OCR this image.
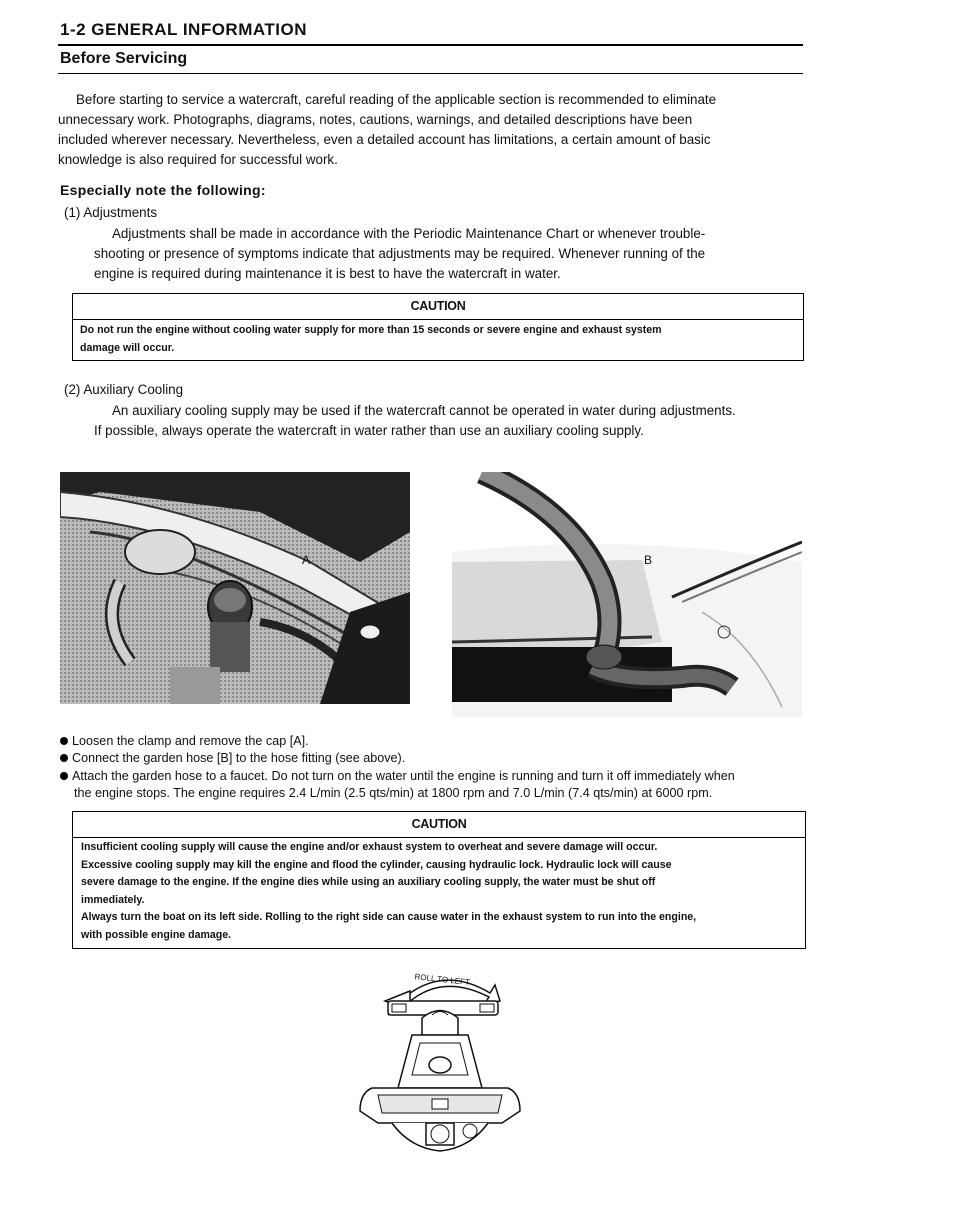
1-2 GENERAL INFORMATION
Before Servicing
Before starting to service a watercraft, careful reading of the applicable section is recommended to eliminate
unnecessary work. Photographs, diagrams, notes, cautions, warnings, and detailed descriptions have been
included wherever necessary. Nevertheless, even a detailed account has limitations, a certain amount of basic
knowledge is also required for successful work.
Especially note the following:
(1) Adjustments
Adjustments shall be made in accordance with the Periodic Maintenance Chart or whenever trouble-
shooting or presence of symptoms indicate that adjustments may be required. Whenever running of the
engine is required during maintenance it is best to have the watercraft in water.
CAUTION
Do not run the engine without cooling water supply for more than 15 seconds or severe engine and exhaust system
damage will occur.
(2) Auxiliary Cooling
An auxiliary cooling supply may be used if the watercraft cannot be operated in water during adjustments.
If possible, always operate the watercraft in water rather than use an auxiliary cooling supply.
A	B
Loosen the clamp and remove the cap [A].
Connect the garden hose [B] to the hose fitting (see above).
Attach the garden hose to a faucet. Do not turn on the water until the engine is running and turn it off immediately when
the engine stops. The engine requires 2.4 L/min (2.5 qts/min) at 1800 rpm and 7.0 L/min (7.4 qts/min) at 6000 rpm.
CAUTION
Insufficient cooling supply will cause the engine and/or exhaust system to overheat and severe damage will occur.
Excessive cooling supply may kill the engine and flood the cylinder, causing hydraulic lock. Hydraulic lock will cause
severe damage to the engine. If the engine dies while using an auxiliary cooling supply, the water must be shut off
immediately.
Always turn the boat on its left side. Rolling to the right side can cause water in the exhaust system to run into the engine,
with possible engine damage.
ROLL TO LEFT
